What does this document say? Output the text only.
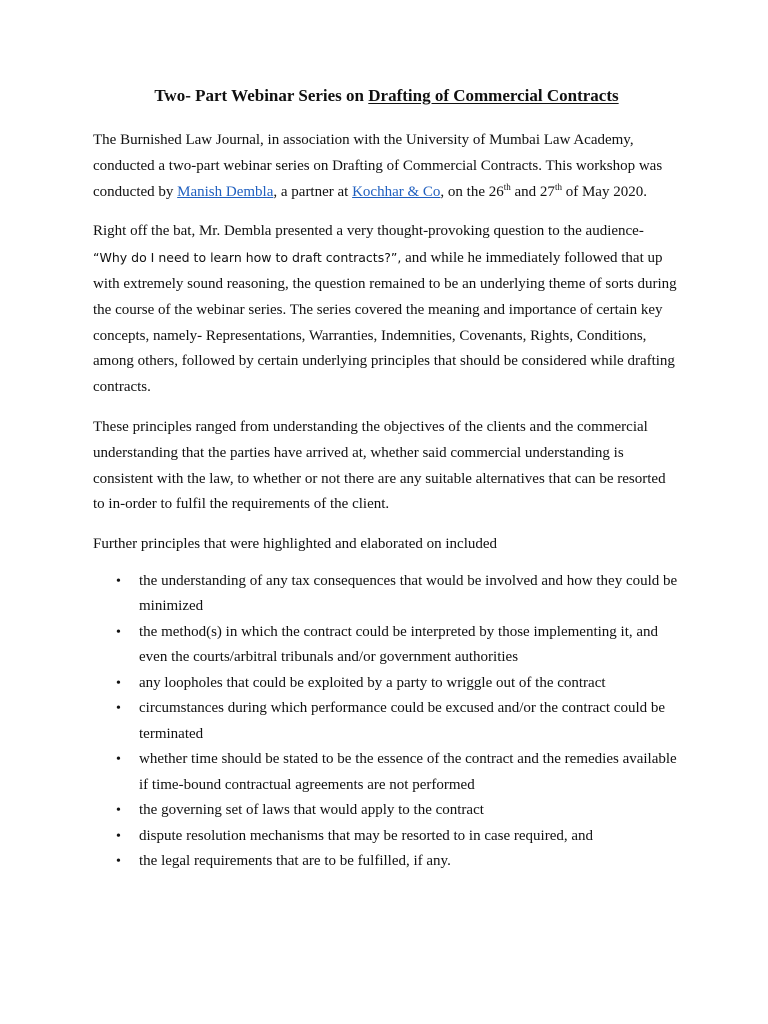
Two- Part Webinar Series on Drafting of Commercial Contracts

The Burnished Law Journal, in association with the University of Mumbai Law Academy, conducted a two-part webinar series on Drafting of Commercial Contracts. This workshop was conducted by Manish Dembla, a partner at Kochhar & Co, on the 26th and 27th of May 2020.

Right off the bat, Mr. Dembla presented a very thought-provoking question to the audience- “Why do I need to learn how to draft contracts?”, and while he immediately followed that up with extremely sound reasoning, the question remained to be an underlying theme of sorts during the course of the webinar series. The series covered the meaning and importance of certain key concepts, namely- Representations, Warranties, Indemnities, Covenants, Rights, Conditions, among others, followed by certain underlying principles that should be considered while drafting contracts.

These principles ranged from understanding the objectives of the clients and the commercial understanding that the parties have arrived at, whether said commercial understanding is consistent with the law, to whether or not there are any suitable alternatives that can be resorted to in-order to fulfil the requirements of the client.

Further principles that were highlighted and elaborated on included

• the understanding of any tax consequences that would be involved and how they could be minimized
• the method(s) in which the contract could be interpreted by those implementing it, and even the courts/arbitral tribunals and/or government authorities
• any loopholes that could be exploited by a party to wriggle out of the contract
• circumstances during which performance could be excused and/or the contract could be terminated
• whether time should be stated to be the essence of the contract and the remedies available if time-bound contractual agreements are not performed
• the governing set of laws that would apply to the contract
• dispute resolution mechanisms that may be resorted to in case required, and
• the legal requirements that are to be fulfilled, if any.
